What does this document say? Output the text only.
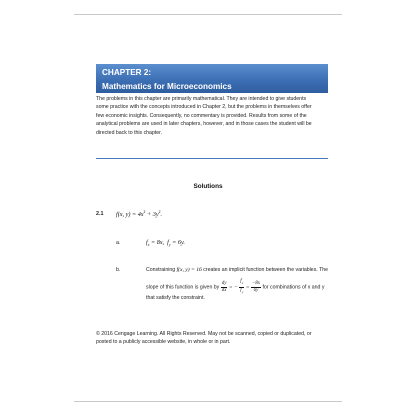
CHAPTER 2:
Mathematics for Microeconomics
The problems in this chapter are primarily mathematical. They are intended to give students
some practice with the concepts introduced in Chapter 2, but the problems in themselves offer
few economic insights. Consequently, no commentary is provided. Results from some of the
analytical problems are used in later chapters, however, and in those cases the student will be
directed back to this chapter.
Solutions
2.1 f(x, $y) = 4x^2 + 3y^2$.
a.	$f_x = 8x$,  $f_y = 6y$.
b.	Constraining f(x, y) = 16 creates an implicit function between the variables. The
slope of this function is given by $\frac{dy}{dx}$ = − $\frac{f_x}{f_y} = \frac{-8x}{6y}$ for combinations of x and y
that satisfy the constraint.
© 2016 Cengage Learning. All Rights Reserved. May not be scanned, copied or duplicated, or
posted to a publicly accessible website, in whole or in part.
